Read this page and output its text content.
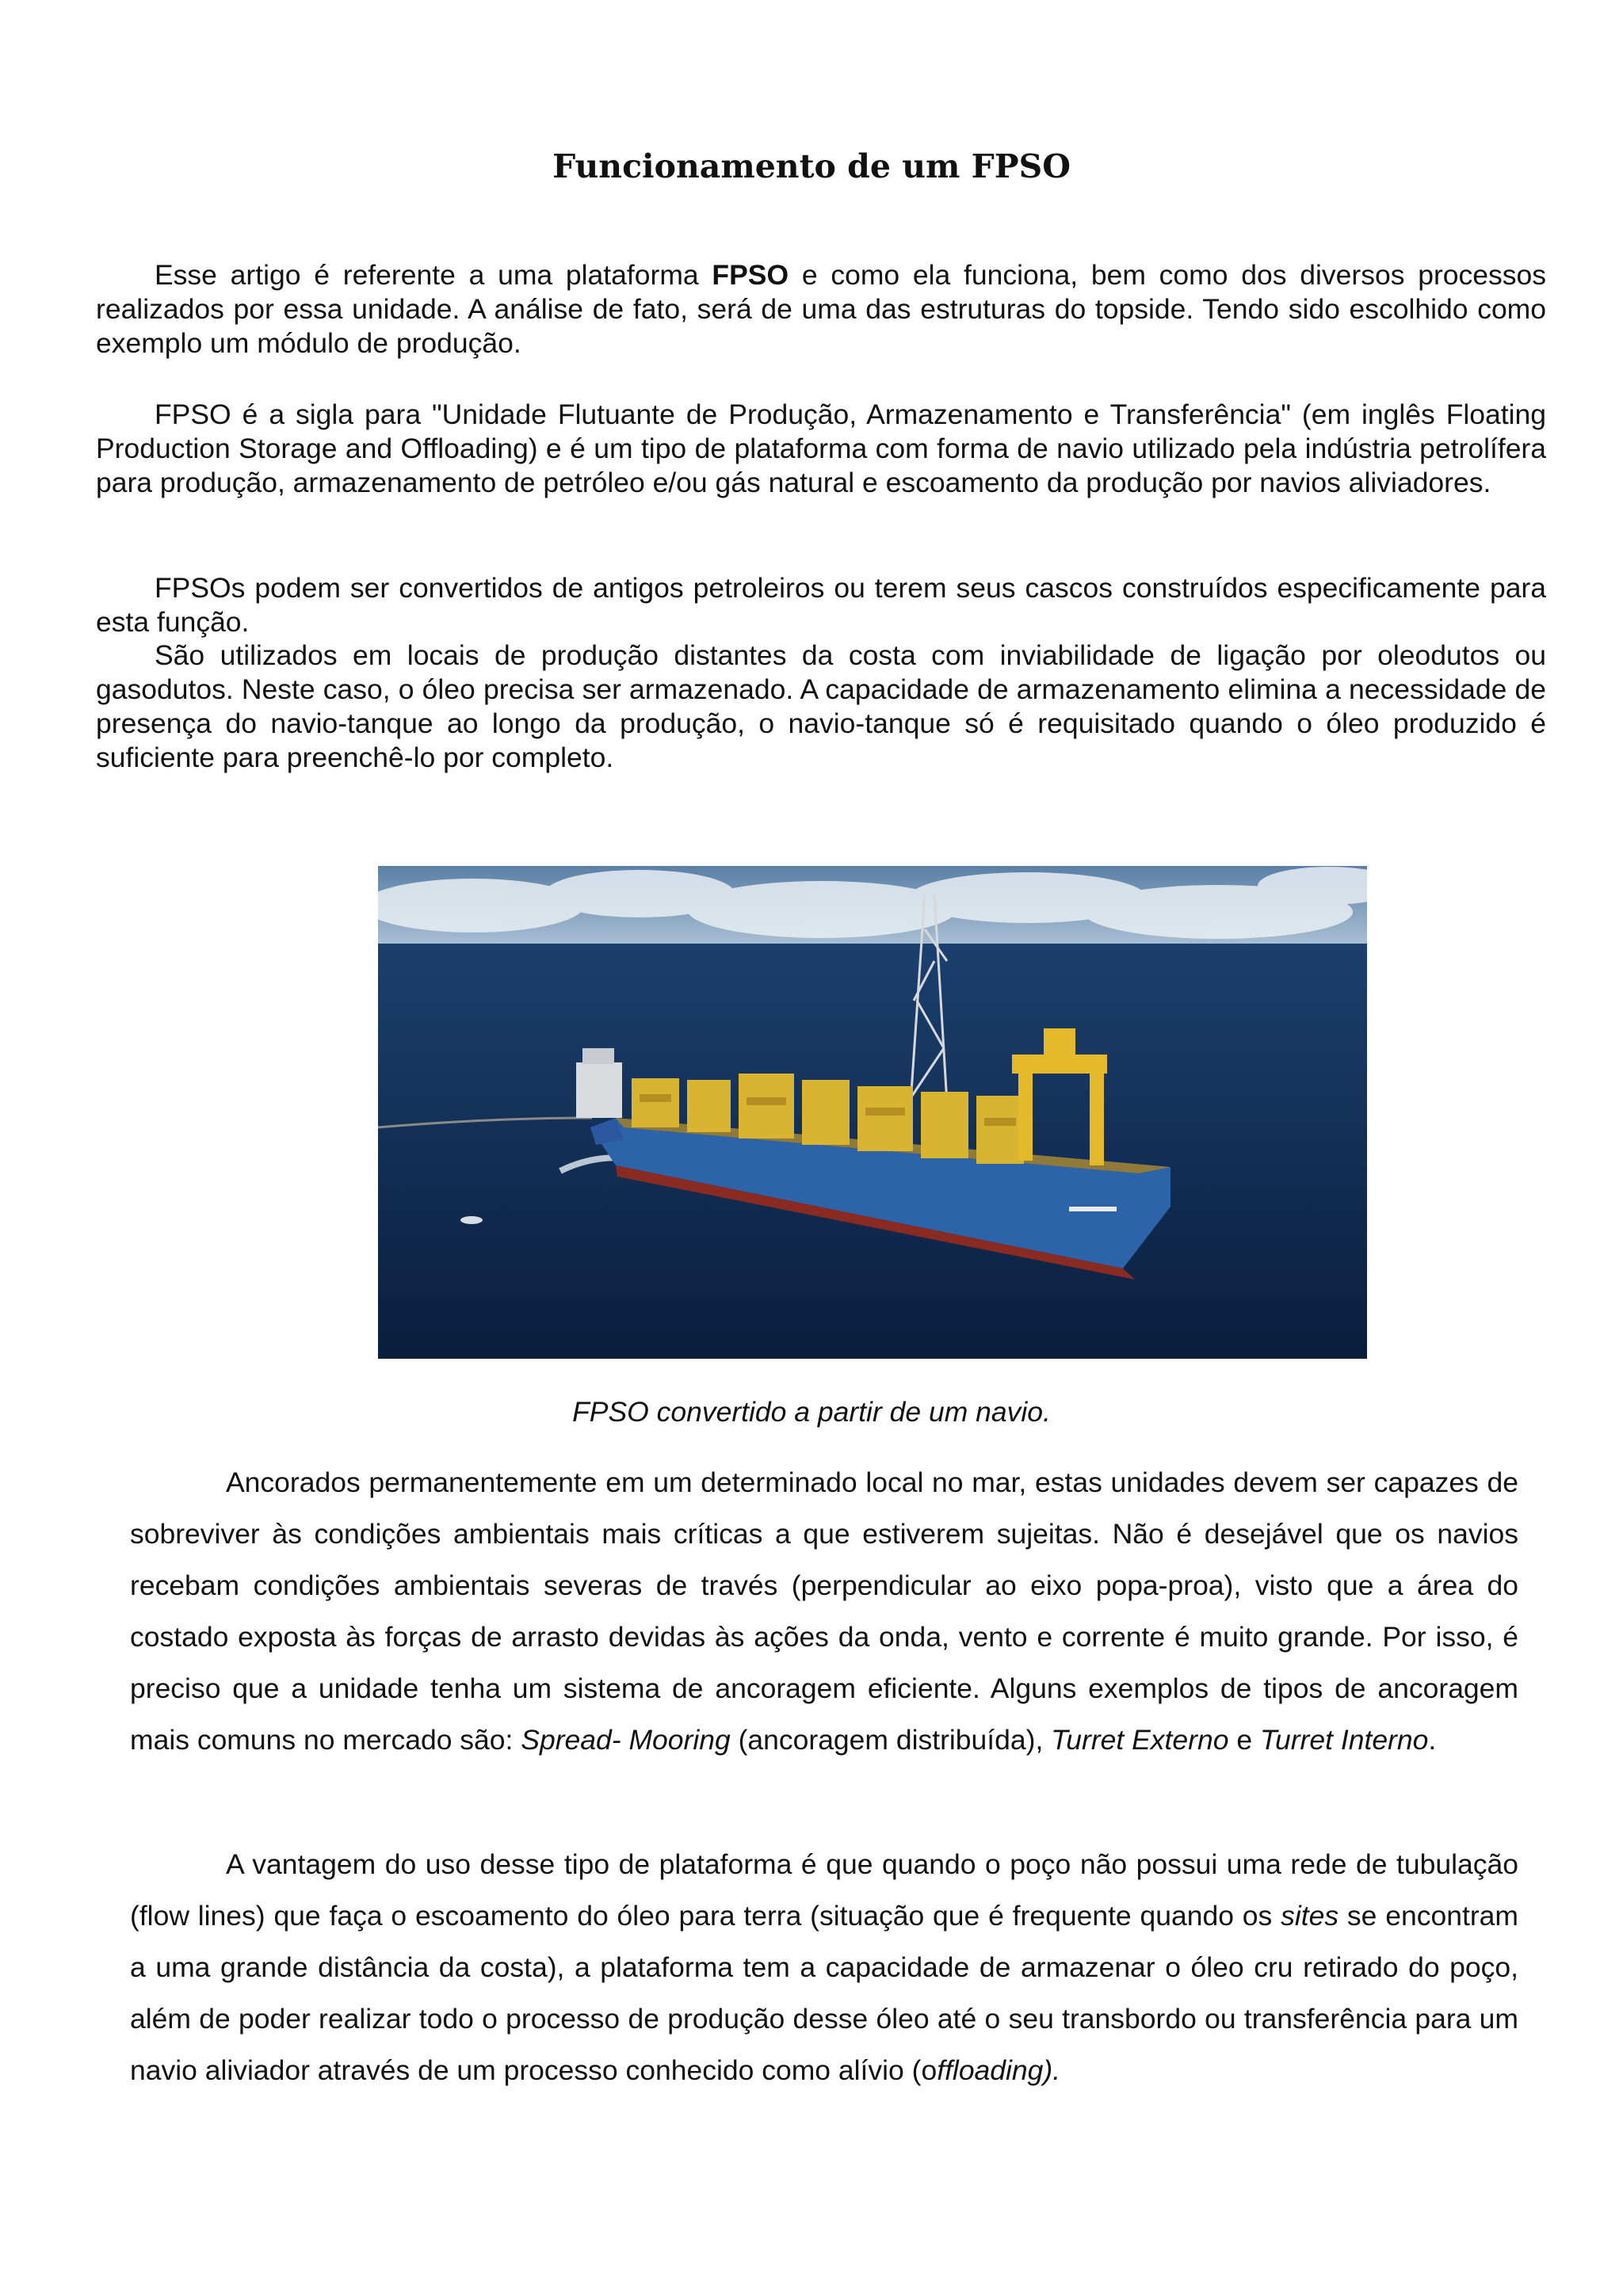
Funcionamento de um FPSO

Esse artigo é referente a uma plataforma FPSO e como ela funciona, bem como dos diversos processos realizados por essa unidade. A análise de fato, será de uma das estruturas do topside. Tendo sido escolhido como exemplo um módulo de produção.

FPSO é a sigla para "Unidade Flutuante de Produção, Armazenamento e Transferência" (em inglês Floating Production Storage and Offloading) e é um tipo de plataforma com forma de navio utilizado pela indústria petrolífera para produção, armazenamento de petróleo e/ou gás natural e escoamento da produção por navios aliviadores.

FPSOs podem ser convertidos de antigos petroleiros ou terem seus cascos construídos especificamente para esta função.

São utilizados em locais de produção distantes da costa com inviabilidade de ligação por oleodutos ou gasodutos. Neste caso, o óleo precisa ser armazenado. A capacidade de armazenamento elimina a necessidade de presença do navio-tanque ao longo da produção, o navio-tanque só é requisitado quando o óleo produzido é suficiente para preenchê-lo por completo.

FPSO convertido a partir de um navio.

Ancorados permanentemente em um determinado local no mar, estas unidades devem ser capazes de sobreviver às condições ambientais mais críticas a que estiverem sujeitas. Não é desejável que os navios recebam condições ambientais severas de través (perpendicular ao eixo popa-proa), visto que a área do costado exposta às forças de arrasto devidas às ações da onda, vento e corrente é muito grande. Por isso, é preciso que a unidade tenha um sistema de ancoragem eficiente. Alguns exemplos de tipos de ancoragem mais comuns no mercado são: Spread- Mooring (ancoragem distribuída), Turret Externo e Turret Interno.

A vantagem do uso desse tipo de plataforma é que quando o poço não possui uma rede de tubulação (flow lines) que faça o escoamento do óleo para terra (situação que é frequente quando os sites se encontram a uma grande distância da costa), a plataforma tem a capacidade de armazenar o óleo cru retirado do poço, além de poder realizar todo o processo de produção desse óleo até o seu transbordo ou transferência para um navio aliviador através de um processo conhecido como alívio (offloading).
